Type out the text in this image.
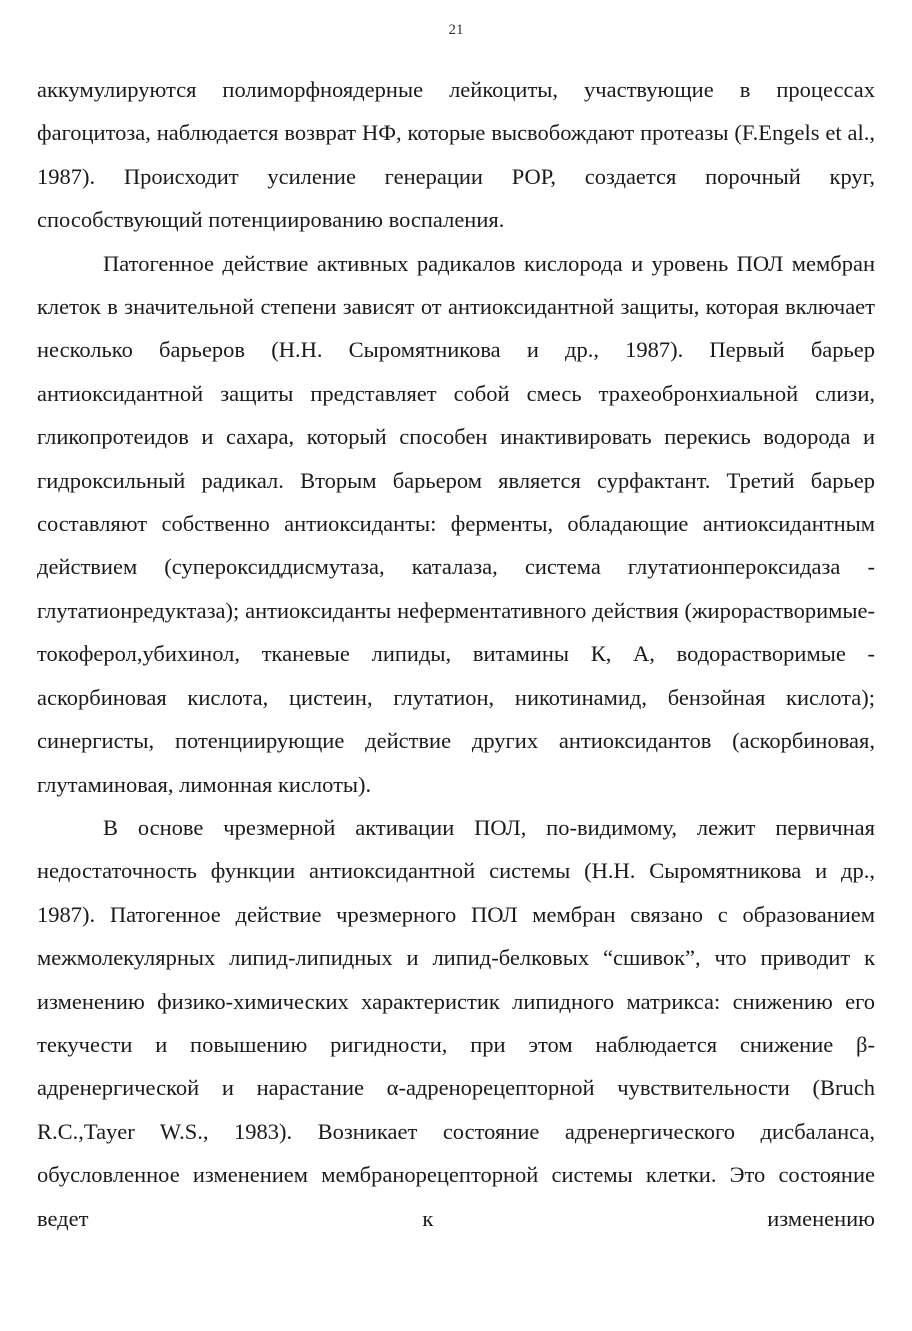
21

аккумулируются полиморфноядерные лейкоциты, участвующие в процессах фагоцитоза, наблюдается возврат НФ, которые высвобождают протеазы (F.Engels et al., 1987). Происходит усиление генерации РОР, создается порочный круг, способствующий потенциированию воспаления.

Патогенное действие активных радикалов кислорода и уровень ПОЛ мембран клеток в значительной степени зависят от антиоксидантной защиты, которая включает несколько барьеров (Н.Н. Сыромятникова и др., 1987). Первый барьер антиоксидантной защиты представляет собой смесь трахеобронхиальной слизи, гликопротеидов и сахара, который способен инактивировать перекись водорода и гидроксильный радикал. Вторым барьером является сурфактант. Третий барьер составляют собственно антиоксиданты: ферменты, обладающие антиоксидантным действием (супероксиддисмутаза, каталаза, система глутатионпероксидаза - глутатионредуктаза); антиоксиданты неферментативного действия (жирорастворимые-токоферол,убихинол, тканевые липиды, витамины К, А, водорастворимые - аскорбиновая кислота, цистеин, глутатион, никотинамид, бензойная кислота); синергисты, потенциирующие действие других антиоксидантов (аскорбиновая, глутаминовая, лимонная кислоты).

В основе чрезмерной активации ПОЛ, по-видимому, лежит первичная недостаточность функции антиоксидантной системы (Н.Н. Сыромятникова и др., 1987). Патогенное действие чрезмерного ПОЛ мембран связано с образованием межмолекулярных липид-липидных и липид-белковых “сшивок”, что приводит к изменению физико-химических характеристик липидного матрикса: снижению его текучести и повышению ригидности, при этом наблюдается снижение β-адренергической и нарастание α-адренорецепторной чувствительности (Bruch R.C.,Tayer W.S., 1983). Возникает состояние адренергического дисбаланса, обусловленное изменением мембранорецепторной системы клетки. Это состояние ведет к изменению
